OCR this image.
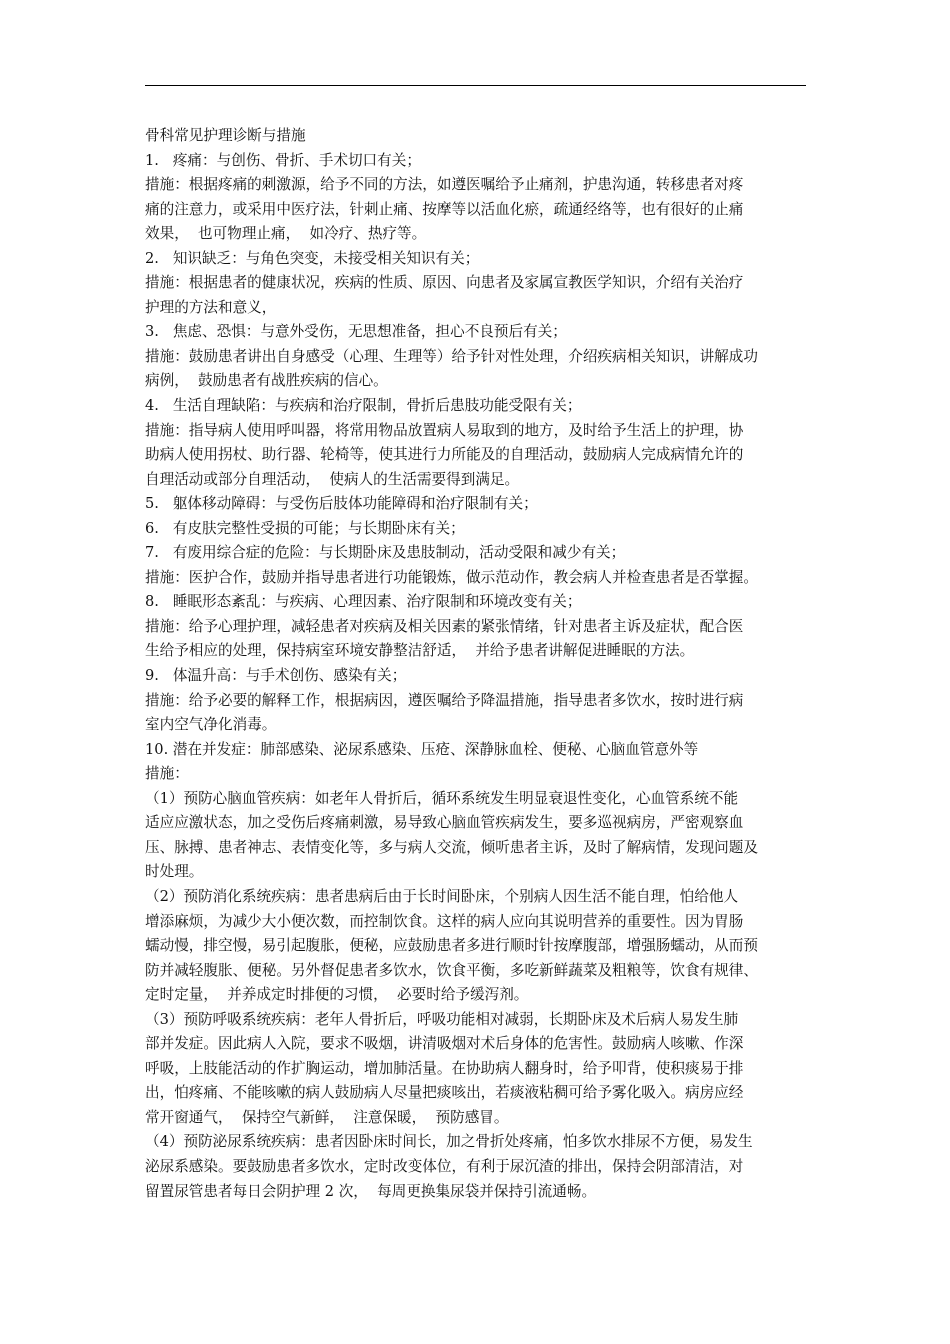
骨科常见护理诊断与措施
1.   疼痛：与创伤、骨折、手术切口有关；
措施：根据疼痛的刺激源，给予不同的方法，如遵医嘱给予止痛剂，护患沟通，转移患者对疼
痛的注意力，或采用中医疗法，针刺止痛、按摩等以活血化瘀，疏通经络等，也有很好的止痛
效果，  也可物理止痛，  如冷疗、热疗等。
2.   知识缺乏：与角色突变，未接受相关知识有关；
措施：根据患者的健康状况，疾病的性质、原因、向患者及家属宣教医学知识，介绍有关治疗
护理的方法和意义，
3.   焦虑、恐惧：与意外受伤，无思想准备，担心不良预后有关；
措施：鼓励患者讲出自身感受（心理、生理等）给予针对性处理，介绍疾病相关知识，讲解成功
病例，  鼓励患者有战胜疾病的信心。
4.   生活自理缺陷：与疾病和治疗限制，骨折后患肢功能受限有关；
措施：指导病人使用呼叫器，将常用物品放置病人易取到的地方，及时给予生活上的护理，协
助病人使用拐杖、助行器、轮椅等，使其进行力所能及的自理活动，鼓励病人完成病情允许的
自理活动或部分自理活动，  使病人的生活需要得到满足。
5.   躯体移动障碍：与受伤后肢体功能障碍和治疗限制有关；
6.   有皮肤完整性受损的可能；与长期卧床有关；
7.   有废用综合症的危险：与长期卧床及患肢制动，活动受限和减少有关；
措施：医护合作，鼓励并指导患者进行功能锻炼，做示范动作，教会病人并检查患者是否掌握。
8.   睡眠形态紊乱：与疾病、心理因素、治疗限制和环境改变有关；
措施：给予心理护理，减轻患者对疾病及相关因素的紧张情绪，针对患者主诉及症状，配合医
生给予相应的处理，保持病室环境安静整洁舒适，  并给予患者讲解促进睡眠的方法。
9.   体温升高：与手术创伤、感染有关；
措施：给予必要的解释工作，根据病因，遵医嘱给予降温措施，指导患者多饮水，按时进行病
室内空气净化消毒。
10. 潜在并发症：肺部感染、泌尿系感染、压疮、深静脉血栓、便秘、心脑血管意外等
措施：
（1）预防心脑血管疾病：如老年人骨折后，循环系统发生明显衰退性变化，心血管系统不能
适应应激状态，加之受伤后疼痛刺激，易导致心脑血管疾病发生，要多巡视病房，严密观察血
压、脉搏、患者神志、表情变化等，多与病人交流，倾听患者主诉，及时了解病情，发现问题及
时处理。
（2）预防消化系统疾病：患者患病后由于长时间卧床，个别病人因生活不能自理，怕给他人
增添麻烦，为减少大小便次数，而控制饮食。这样的病人应向其说明营养的重要性。因为胃肠
蠕动慢，排空慢，易引起腹胀，便秘，应鼓励患者多进行顺时针按摩腹部，增强肠蠕动，从而预
防并减轻腹胀、便秘。另外督促患者多饮水，饮食平衡，多吃新鲜蔬菜及粗粮等，饮食有规律、
定时定量，  并养成定时排便的习惯，  必要时给予缓泻剂。
（3）预防呼吸系统疾病：老年人骨折后，呼吸功能相对减弱，长期卧床及术后病人易发生肺
部并发症。因此病人入院，要求不吸烟，讲清吸烟对术后身体的危害性。鼓励病人咳嗽、作深
呼吸，上肢能活动的作扩胸运动，增加肺活量。在协助病人翻身时，给予叩背，使积痰易于排
出，怕疼痛、不能咳嗽的病人鼓励病人尽量把痰咳出，若痰液粘稠可给予雾化吸入。病房应经
常开窗通气，  保持空气新鲜，  注意保暖，  预防感冒。
（4）预防泌尿系统疾病：患者因卧床时间长，加之骨折处疼痛，怕多饮水排尿不方便，易发生
泌尿系感染。要鼓励患者多饮水，定时改变体位，有利于尿沉渣的排出，保持会阴部清洁，对
留置尿管患者每日会阴护理 2 次，  每周更换集尿袋并保持引流通畅。
